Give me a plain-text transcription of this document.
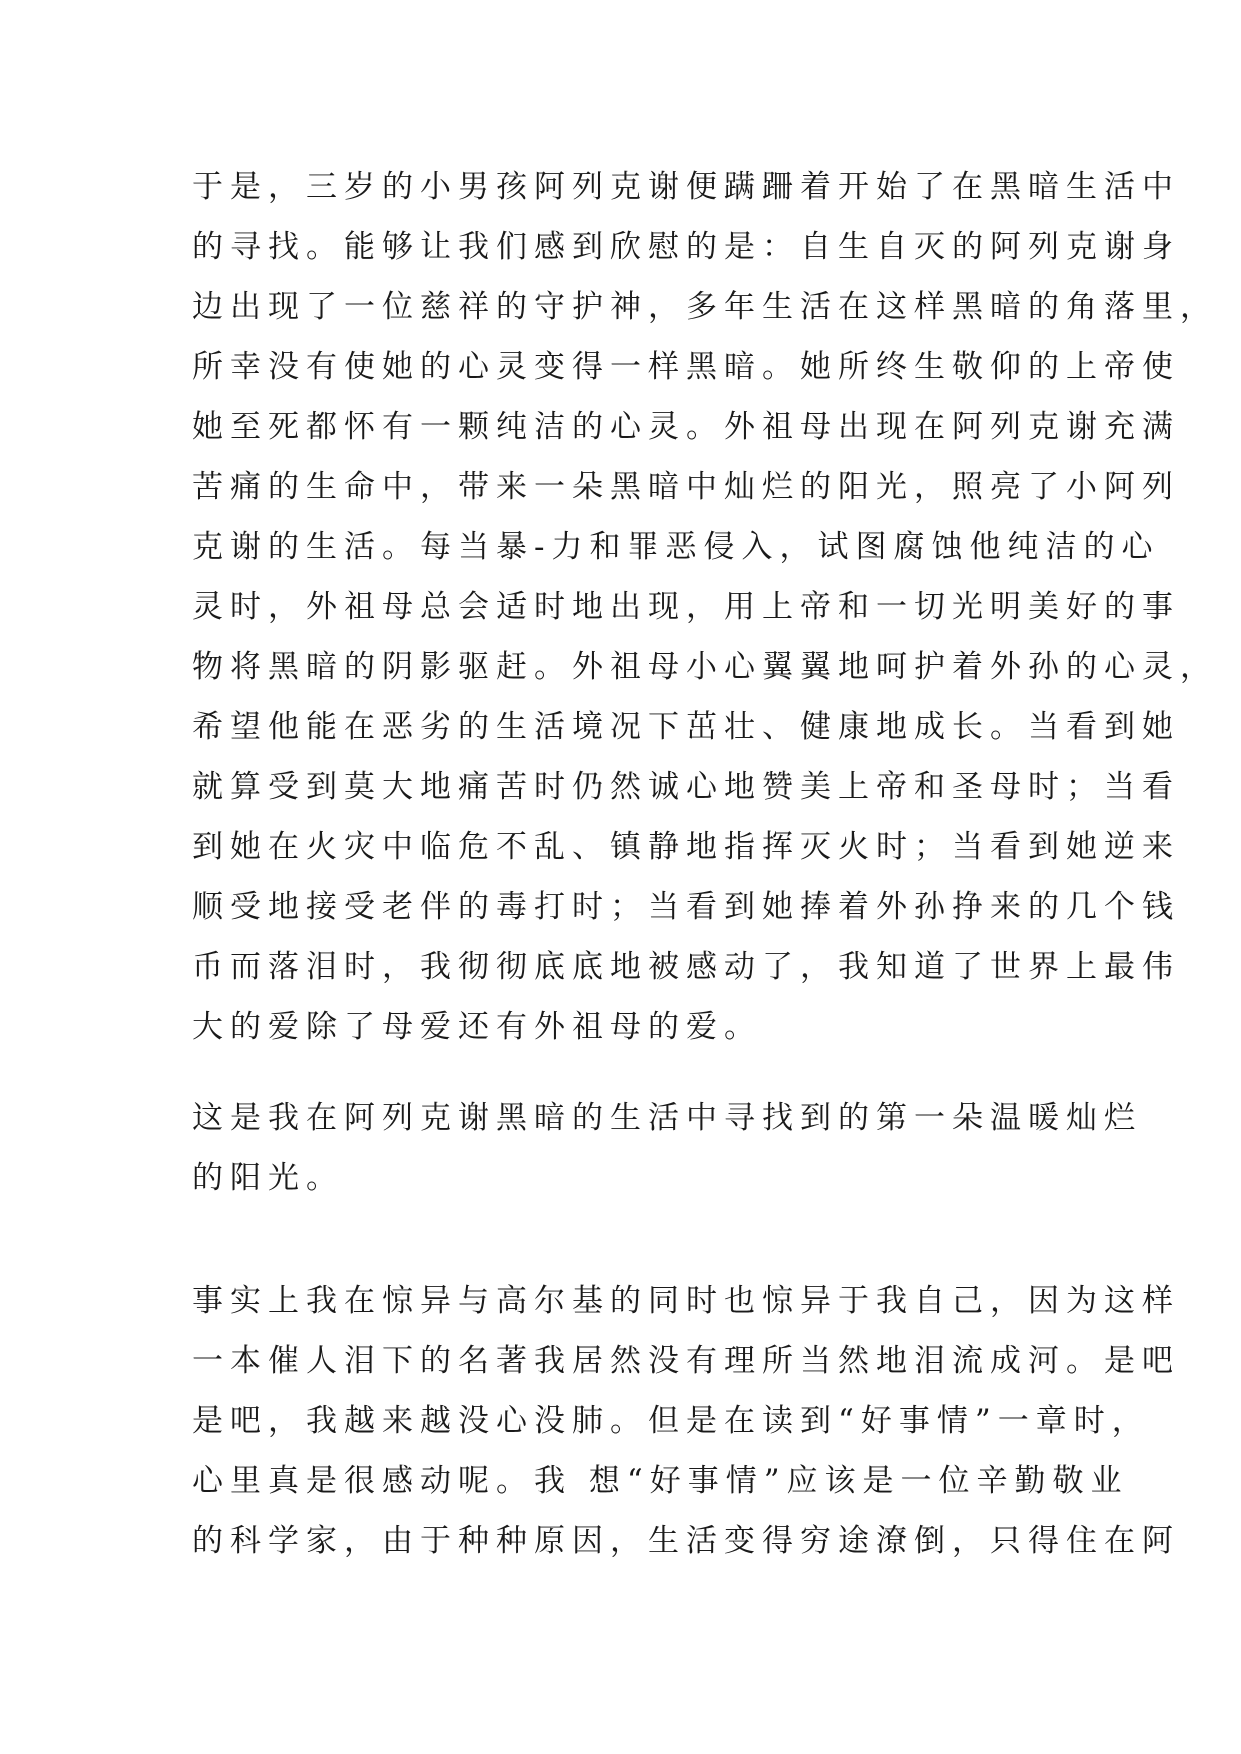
于是，三岁的小男孩阿列克谢便蹒跚着开始了在黑暗生活中
的寻找。能够让我们感到欣慰的是：自生自灭的阿列克谢身
边出现了一位慈祥的守护神，多年生活在这样黑暗的角落里，
所幸没有使她的心灵变得一样黑暗。她所终生敬仰的上帝使
她至死都怀有一颗纯洁的心灵。外祖母出现在阿列克谢充满
苦痛的生命中，带来一朵黑暗中灿烂的阳光，照亮了小阿列
克谢的生活。每当暴-力和罪恶侵入，试图腐蚀他纯洁的心
灵时，外祖母总会适时地出现，用上帝和一切光明美好的事
物将黑暗的阴影驱赶。外祖母小心翼翼地呵护着外孙的心灵，
希望他能在恶劣的生活境况下茁壮、健康地成长。当看到她
就算受到莫大地痛苦时仍然诚心地赞美上帝和圣母时；当看
到她在火灾中临危不乱、镇静地指挥灭火时；当看到她逆来
顺受地接受老伴的毒打时；当看到她捧着外孙挣来的几个钱
币而落泪时，我彻彻底底地被感动了，我知道了世界上最伟
大的爱除了母爱还有外祖母的爱。
这是我在阿列克谢黑暗的生活中寻找到的第一朵温暖灿烂
的阳光。
事实上我在惊异与高尔基的同时也惊异于我自己，因为这样
一本催人泪下的名著我居然没有理所当然地泪流成河。是吧
是吧，我越来越没心没肺。但是在读到“好事情”一章时，
心里真是很感动呢。我 想“好事情”应该是一位辛勤敬业
的科学家，由于种种原因，生活变得穷途潦倒，只得住在阿
